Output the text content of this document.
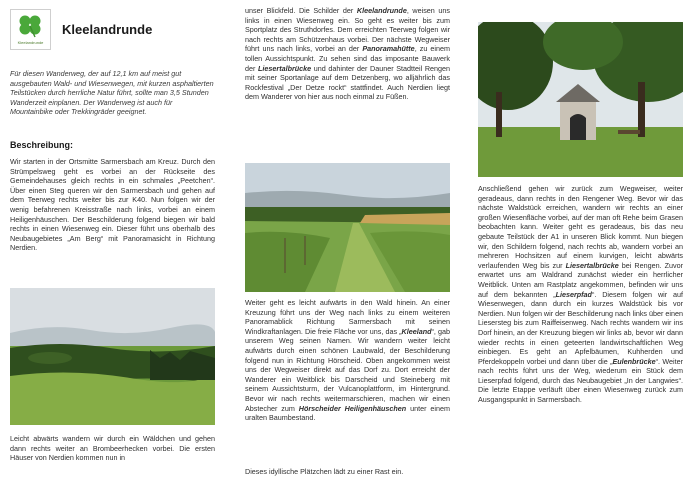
Kleelandrunde
Kleelandrunde

Für diesen Wanderweg, der auf 12,1 km auf meist gut ausgebauten Wald- und Wiesenwegen, mit kurzen asphaltierten Teilstücken durch herrliche Natur führt, sollte man 3,5 Stunden Wanderzeit einplanen. Der Wanderweg ist auch für Mountainbike oder Trekkingräder geeignet.

Beschreibung:

Wir starten in der Ortsmitte Sarmersbach am Kreuz. Durch den Strümpelsweg geht es vorbei an der Rückseite des Gemeindehauses gleich rechts in ein schmales „Peetchen“. Über einen Steg queren wir den Sarmersbach und gehen auf dem Teerweg rechts weiter bis zur K40. Nun folgen wir der wenig befahrenen Kreisstraße nach links, vorbei an einem Heiligenhäuschen. Der Beschilderung folgend biegen wir bald rechts in einen Wiesenweg ein. Dieser führt uns oberhalb des Neubaugebietes „Am Berg“ mit Panoramasicht in Richtung Nerdien.

Leicht abwärts wandern wir durch ein Wäldchen und gehen dann rechts weiter an Brombeerhecken vorbei. Die ersten Häuser von Nerdien kommen nun in

unser Blickfeld. Die Schilder der Kleelandrunde, weisen uns links in einen Wiesenweg ein. So geht es weiter bis zum Sportplatz des Struthdorfes. Dem erreichten Teerweg folgen wir nach rechts am Schützenhaus vorbei. Der nächste Wegweiser führt uns nach links, vorbei an der Panoramahütte, zu einem tollen Aussichtspunkt. Zu sehen sind das imposante Bauwerk der Liesertalbrücke und dahinter der Dauner Stadtteil Rengen mit seiner Sportanlage auf dem Detzenberg, wo alljährlich das Rockfestival „Der Detze rockt“ stattfindet. Auch Nerdien liegt dem Wanderer von hier aus noch einmal zu Füßen.

Weiter geht es leicht aufwärts in den Wald hinein. An einer Kreuzung führt uns der Weg nach links zu einem weiteren Panoramablick Richtung Sarmersbach mit seinen Windkraftanlagen. Die freie Fläche vor uns, das „Kleeland“, gab unserem Weg seinen Namen. Wir wandern weiter leicht aufwärts durch einen schönen Laubwald, der Beschilderung folgend nun in Richtung Hörscheid. Oben angekommen weist uns der Wegweiser direkt auf das Dorf zu. Dort erreicht der Wanderer ein Weitblick bis Darscheid und Steineberg mit seinem Aussichtsturm, der Vulcanoplattform, im Hintergrund. Bevor wir nach rechts weitermarschieren, machen wir einen Abstecher zum Hörscheider Heiligenhäuschen unter einem uralten Baumbestand.

Dieses idyllische Plätzchen lädt zu einer Rast ein.

Anschließend gehen wir zurück zum Wegweiser, weiter geradeaus, dann rechts in den Rengener Weg. Bevor wir das nächste Waldstück erreichen, wandern wir rechts an einer großen Wiesenfläche vorbei, auf der man oft Rehe beim Grasen beobachten kann. Weiter geht es geradeaus, bis das neu gebaute Teilstück der A1 in unseren Blick kommt. Nun biegen wir, den Schildern folgend, nach rechts ab, wandern vorbei an mehreren Hochsitzen auf einem kurvigen, leicht abwärts verlaufenden Weg bis zur Liesertalbrücke bei Rengen. Zuvor erwartet uns am Waldrand zunächst wieder ein herrlicher Weitblick. Unten am Rastplatz angekommen, befinden wir uns auf dem bekannten „Lieserpfad“. Diesem folgen wir auf Wiesenwegen, dann durch ein kurzes Waldstück bis vor Nerdien. Nun folgen wir der Beschilderung nach links über einen Liesersteg bis zum Raiffeisenweg. Nach rechts wandern wir ins Dorf hinein, an der Kreuzung biegen wir links ab, bevor wir dann wieder rechts in einen geteerten landwirtschaftlichen Weg einbiegen. Es geht an Apfelbäumen, Kuhherden und Pferdekoppeln vorbei und dann über die „Eulenbrücke“. Weiter nach rechts führt uns der Weg, wiederum ein Stück dem Lieserpfad folgend, durch das Neubaugebiet „In der Langwies“. Die letzte Etappe verläuft über einen Wiesenweg zurück zum Ausgangspunkt in Sarmersbach.
